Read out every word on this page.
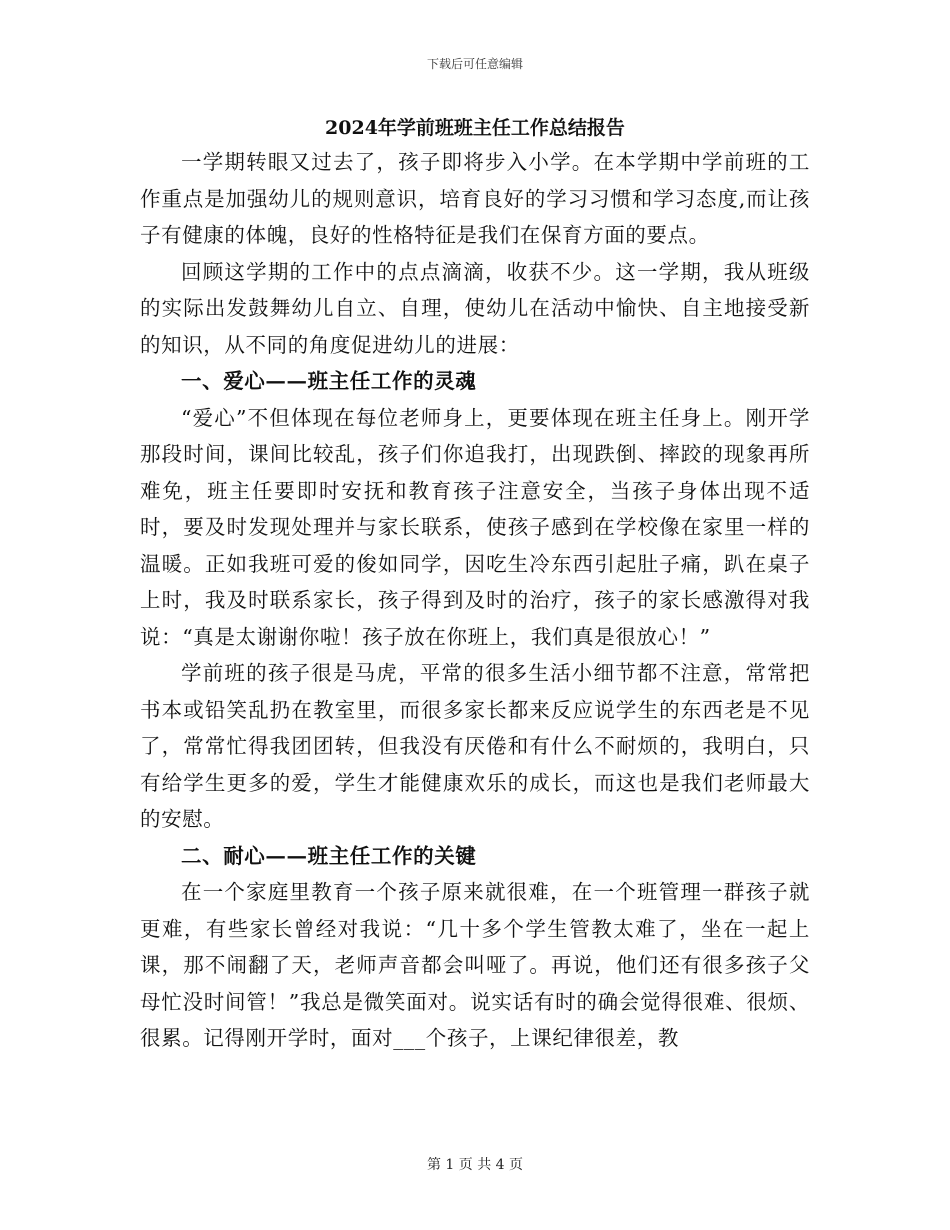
下载后可任意编辑
2024年学前班班主任工作总结报告

一学期转眼又过去了，孩子即将步入小学。在本学期中学前班的工作重点是加强幼儿的规则意识，培育良好的学习习惯和学习态度,而让孩子有健康的体魄，良好的性格特征是我们在保育方面的要点。

回顾这学期的工作中的点点滴滴，收获不少。这一学期，我从班级的实际出发鼓舞幼儿自立、自理，使幼儿在活动中愉快、自主地接受新的知识，从不同的角度促进幼儿的进展：

一、爱心——班主任工作的灵魂

“爱心”不但体现在每位老师身上，更要体现在班主任身上。刚开学那段时间，课间比较乱，孩子们你追我打，出现跌倒、摔跤的现象再所难免，班主任要即时安抚和教育孩子注意安全，当孩子身体出现不适时，要及时发现处理并与家长联系，使孩子感到在学校像在家里一样的温暖。正如我班可爱的俊如同学，因吃生冷东西引起肚子痛，趴在桌子上时，我及时联系家长，孩子得到及时的治疗，孩子的家长感激得对我说：“真是太谢谢你啦！孩子放在你班上，我们真是很放心！”

学前班的孩子很是马虎，平常的很多生活小细节都不注意，常常把书本或铅笑乱扔在教室里，而很多家长都来反应说学生的东西老是不见了，常常忙得我团团转，但我没有厌倦和有什么不耐烦的，我明白，只有给学生更多的爱，学生才能健康欢乐的成长，而这也是我们老师最大的安慰。

二、耐心——班主任工作的关键

在一个家庭里教育一个孩子原来就很难，在一个班管理一群孩子就更难，有些家长曾经对我说：“几十多个学生管教太难了，坐在一起上课，那不闹翻了天，老师声音都会叫哑了。再说，他们还有很多孩子父母忙没时间管！”我总是微笑面对。说实话有时的确会觉得很难、很烦、很累。记得刚开学时，面对___个孩子，上课纪律很差，教

第 1 页 共 4 页
